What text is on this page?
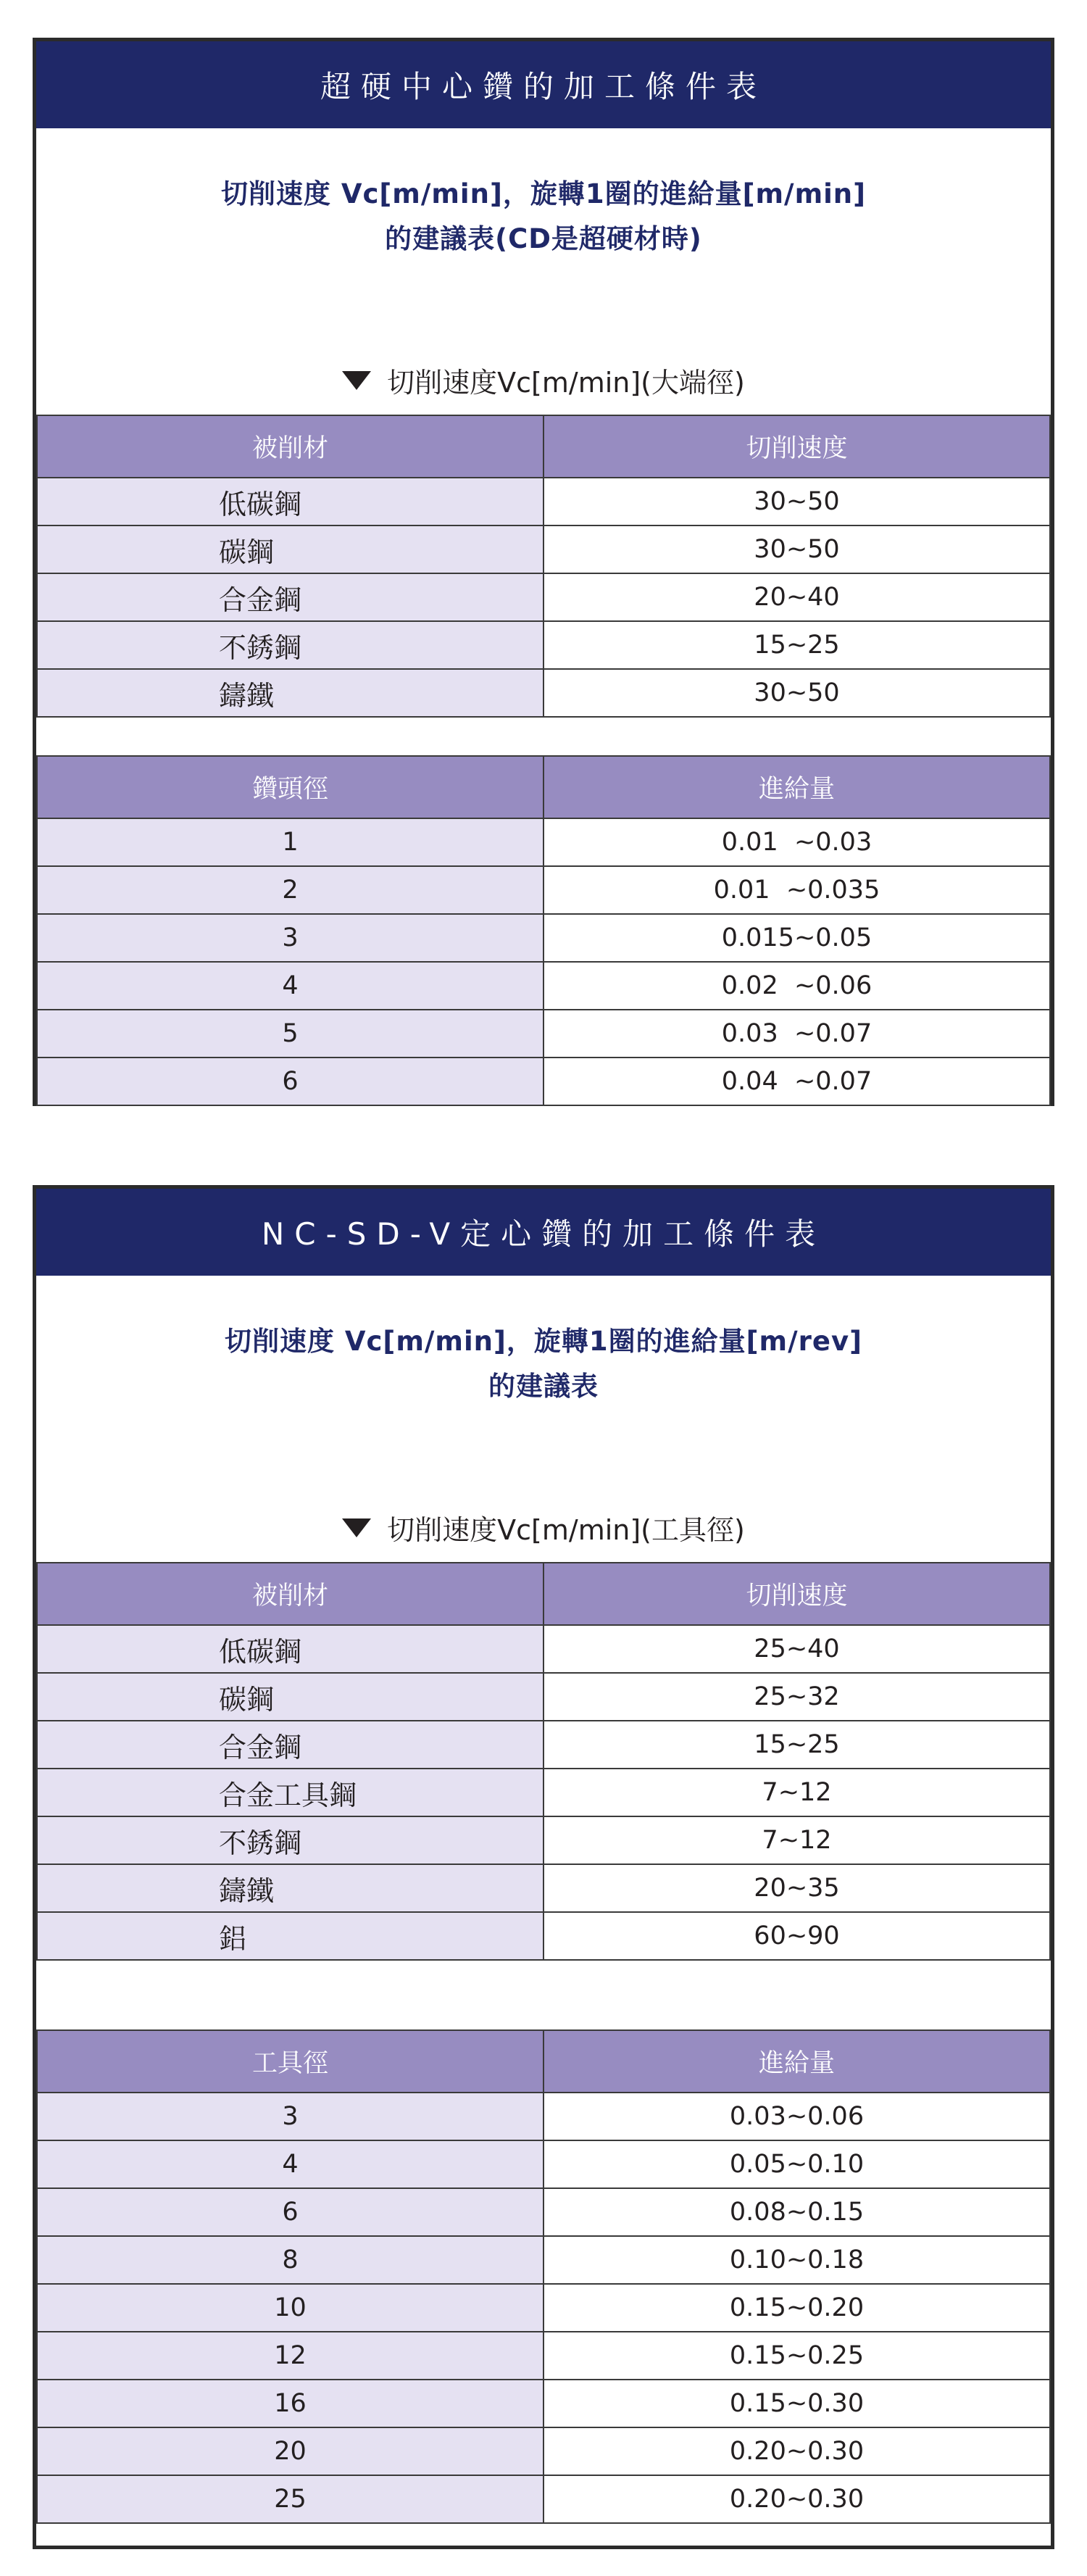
超硬中心鑽的加工條件表
切削速度 Vc[m/min]，旋轉1圈的進給量[m/min]
的建議表(CD是超硬材時)
切削速度Vc[m/min](大端徑)
被削材	切削速度
低碳鋼	30~50
碳鋼	30~50
合金鋼	20~40
不銹鋼	15~25
鑄鐵	30~50
鑽頭徑	進給量
1	0.01  ~0.03
2	0.01  ~0.035
3	0.015~0.05
4	0.02  ~0.06
5	0.03  ~0.07
6	0.04  ~0.07
NC-SD-V定心鑽的加工條件表
切削速度 Vc[m/min]，旋轉1圈的進給量[m/rev]
的建議表
切削速度Vc[m/min](工具徑)
被削材	切削速度
低碳鋼	25~40
碳鋼	25~32
合金鋼	15~25
合金工具鋼	7~12
不銹鋼	7~12
鑄鐵	20~35
鋁	60~90
工具徑	進給量
3	0.03~0.06
4	0.05~0.10
6	0.08~0.15
8	0.10~0.18
10	0.15~0.20
12	0.15~0.25
16	0.15~0.30
20	0.20~0.30
25	0.20~0.30
